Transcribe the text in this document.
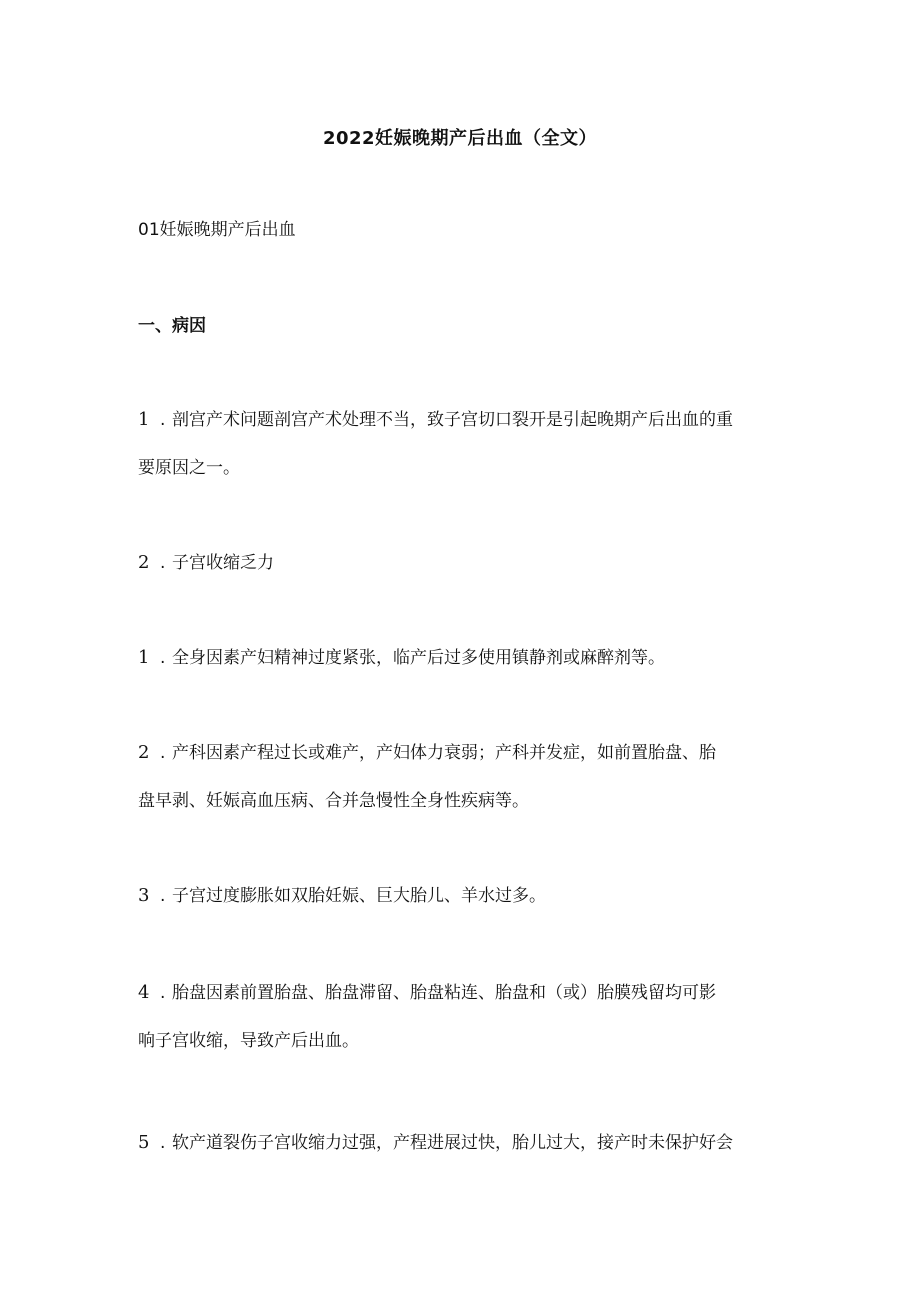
2022妊娠晚期产后出血（全文）

01妊娠晚期产后出血

一、病因

1 . 剖宫产术问题剖宫产术处理不当，致子宫切口裂开是引起晚期产后出血的重

要原因之一。

2 . 子宫收缩乏力

1 . 全身因素产妇精神过度紧张，临产后过多使用镇静剂或麻醉剂等。

2 . 产科因素产程过长或难产，产妇体力衰弱；产科并发症，如前置胎盘、胎

盘早剥、妊娠高血压病、合并急慢性全身性疾病等。

3 . 子宫过度膨胀如双胎妊娠、巨大胎儿、羊水过多。

4 . 胎盘因素前置胎盘、胎盘滞留、胎盘粘连、胎盘和（或）胎膜残留均可影

响子宫收缩，导致产后出血。

5 . 软产道裂伤子宫收缩力过强，产程进展过快，胎儿过大，接产时未保护好会
